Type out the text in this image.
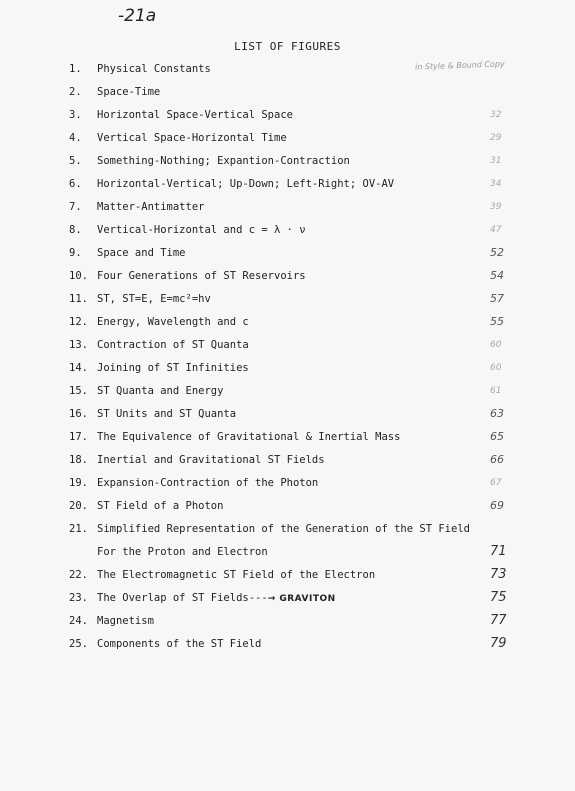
-21a
LIST OF FIGURES
in Style & Bound Copy
1. Physical Constants
2. Space-Time
3. Horizontal Space-Vertical Space	32
4. Vertical Space-Horizontal Time	29
5. Something-Nothing; Expantion-Contraction	31
6. Horizontal-Vertical; Up-Down; Left-Right; OV-AV	34
7. Matter-Antimatter	39
8. Vertical-Horizontal and c = λ · ν	47
9. Space and Time	52
10. Four Generations of ST Reservoirs	54
11. ST, ST=E, E=mc²=hv	57
12. Energy, Wavelength and c	55
13. Contraction of ST Quanta	60
14. Joining of ST Infinities	60
15. ST Quanta and Energy	61
16. ST Units and ST Quanta	63
17. The Equivalence of Gravitational & Inertial Mass	65
18. Inertial and Gravitational ST Fields	66
19. Expansion-Contraction of the Photon	67
20. ST Field of a Photon	69
21. Simplified Representation of the Generation of the ST Field
For the Proton and Electron	71
22. The Electromagnetic ST Field of the Electron	73
23. The Overlap of ST Fields---→ GRAVITON	75
24. Magnetism	77
25. Components of the ST Field	79
